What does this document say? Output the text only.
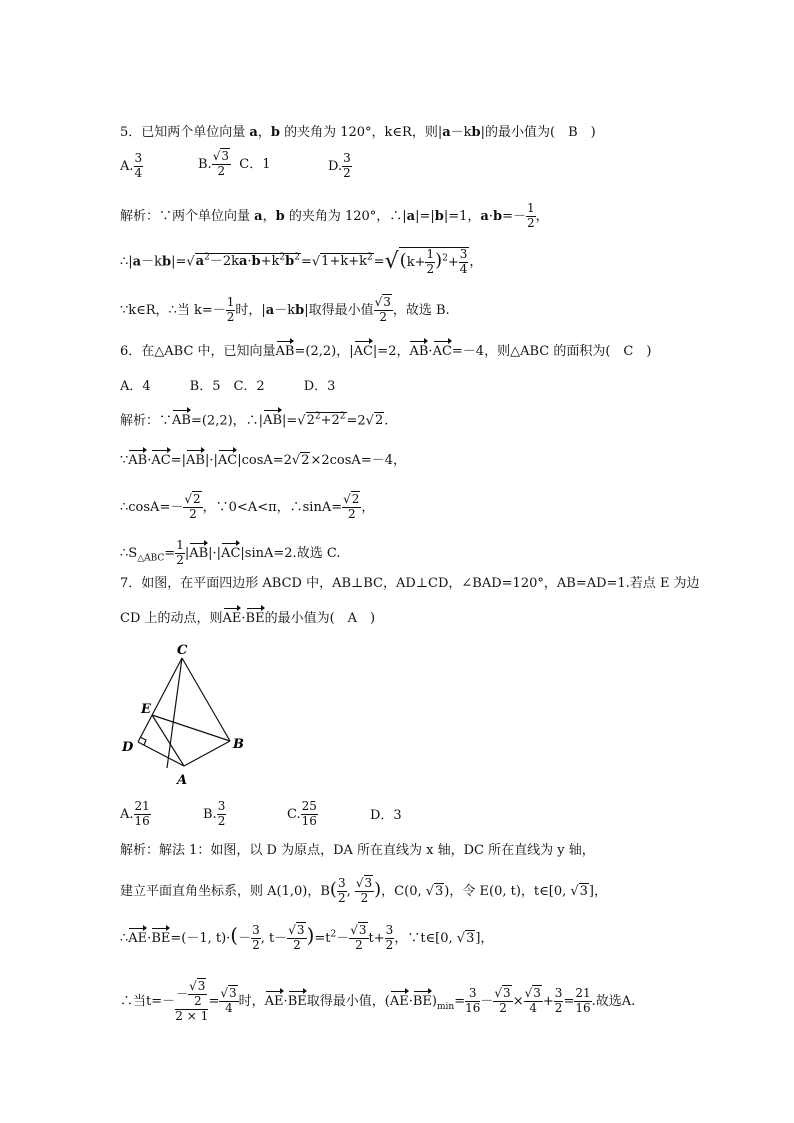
5．已知两个单位向量 a，b 的夹角为 120°，k∈R，则|a－kb|的最小值为(　B　)
A. $\frac{3}{4}$	B. $\frac{√3}{2}$ C．1	D. $\frac{3}{2}$
解析：∵两个单位向量 a，b 的夹角为 120°，∴|a|=|b|=1，$a\cdot b=- \frac{1}{2}$ ，
$\therefore|a-kb|=√a^2-2ka\cdot b+k^2b^2=√1+k+k^2=√(k+ \frac{1}{2} )^2+ \frac{3}{4}$ ，
∵k∈R，∴当 $k=- \frac{1}{2}$ 时，|a－kb|取得最小值 $\frac{√3}{2}$ ，故选 B.
6．在△ABC 中，已知向量AB=(2,2)，|AC|=2，AB·AC=－4，则△ABC 的面积为(　C　)
A．4　　　B．5　C．2　　　D．3
解析：∵AB=(2,2)，$\therefore|AB|=√2^2+2^2=2√2$.
∵AB·AC=|AB|·|AC|cosA=2√2×2cosA=－4，
∴cosA=－ $\frac{√2}{2}$ ，∵0<A<π，∴sinA= $\frac{√2}{2}$ ，
$\therefore S_{\triangle ABC}= \frac{1}{2} |AB|\cdot|AC|\sin A=2$.故选 C.
7．如图，在平面四边形 ABCD 中，AB⊥BC，AD⊥CD，∠BAD=120°，AB=AD=1.若点 E 为边
CD 上的动点，则AE·BE的最小值为(　A　)
C
E
D	B
A
A. $\frac{21}{16}$	B. $\frac{3}{2}$	C. $\frac{25}{16}$	D．3
解析：解法 1：如图，以 D 为原点，DA 所在直线为 x 轴，DC 所在直线为 y 轴，
建立平面直角坐标系，则 A(1,0)，$B( \frac{3}{2}$ , $\frac{√3}{2}$ )，C(0, √3)，令 E(0, t)，t∈[0, √3]，
∴AE·BE=(－1, $t)\cdot(- \frac{3}{2}$ , $t- \frac{√3}{2} )=t^2- \frac{√3}{2} t+ \frac{3}{2}$ ，∵t∈[0, √3]，
∴当$t=- \frac{- \frac{√3}{2}}{2 \times 1} = \frac{√3}{4}$ 时，AE·BE取得最小值，$(AE\cdot BE)_{min}= \frac{3}{16} - \frac{√3}{2} \times \frac{√3}{4} + \frac{3}{2} = \frac{21}{16}$ .故选A.
